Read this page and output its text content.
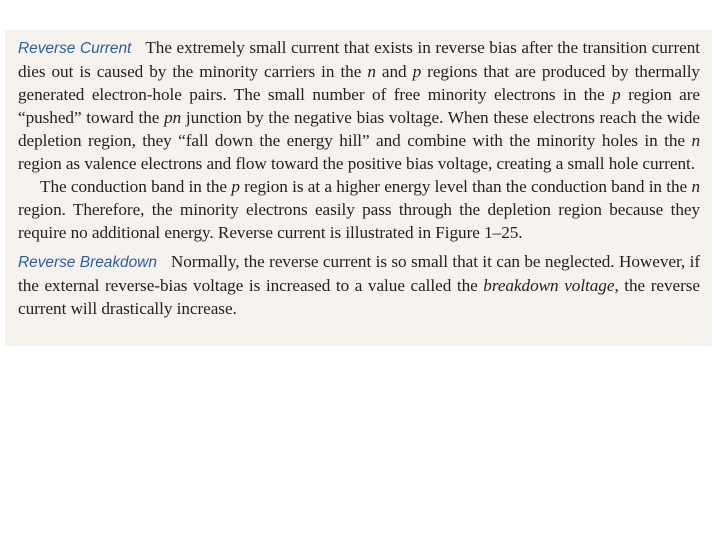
Reverse Current The extremely small current that exists in reverse bias after the transition current dies out is caused by the minority carriers in the n and p regions that are produced by thermally generated electron-hole pairs. The small number of free minority electrons in the p region are “pushed” toward the pn junction by the negative bias voltage. When these electrons reach the wide depletion region, they “fall down the energy hill” and combine with the minority holes in the n region as valence electrons and flow toward the positive bias voltage, creating a small hole current.

The conduction band in the p region is at a higher energy level than the conduction band in the n region. Therefore, the minority electrons easily pass through the depletion region because they require no additional energy. Reverse current is illustrated in Figure 1–25.

Reverse Breakdown Normally, the reverse current is so small that it can be neglected. However, if the external reverse-bias voltage is increased to a value called the breakdown voltage, the reverse current will drastically increase.
